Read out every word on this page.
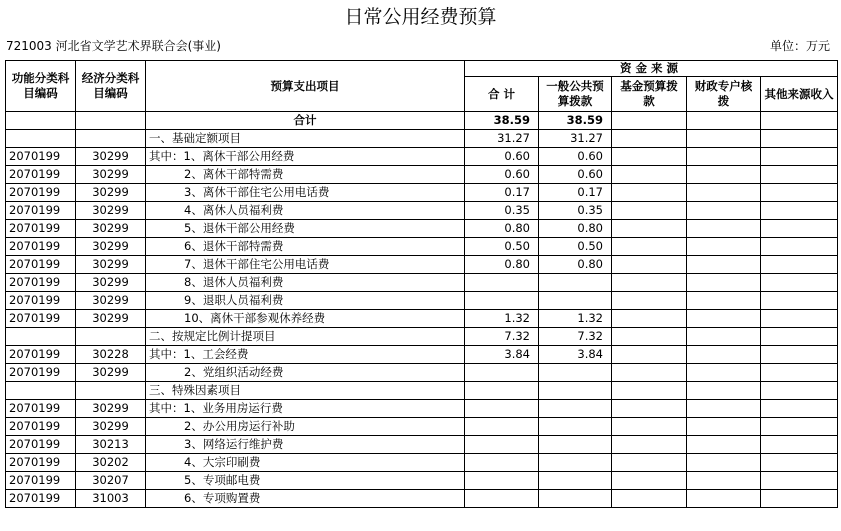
日常公用经费预算
721003 河北省文学艺术界联合会(事业)	单位：万元
功能分类科目编码	经济分类科目编码	预算支出项目	资金来源				
			合 计	一般公共预算拨款	基金预算拨款	财政专户核拨	其他来源收入
		合计	38.59	38.59			
		一、基础定额项目	31.27	31.27			
2070199	30299	其中：1、离休干部公用经费	0.60	0.60			
2070199	30299	2、离休干部特需费	0.60	0.60			
2070199	30299	3、离休干部住宅公用电话费	0.17	0.17			
2070199	30299	4、离休人员福利费	0.35	0.35			
2070199	30299	5、退休干部公用经费	0.80	0.80			
2070199	30299	6、退休干部特需费	0.50	0.50			
2070199	30299	7、退休干部住宅公用电话费	0.80	0.80			
2070199	30299	8、退休人员福利费					
2070199	30299	9、退职人员福利费					
2070199	30299	10、离休干部参观休养经费	1.32	1.32			
		二、按规定比例计提项目	7.32	7.32			
2070199	30228	其中：1、工会经费	3.84	3.84			
2070199	30299	2、党组织活动经费					
		三、特殊因素项目					
2070199	30299	其中：1、业务用房运行费					
2070199	30299	2、办公用房运行补助					
2070199	30213	3、网络运行维护费					
2070199	30202	4、大宗印刷费					
2070199	30207	5、专项邮电费					
2070199	31003	6、专项购置费					
